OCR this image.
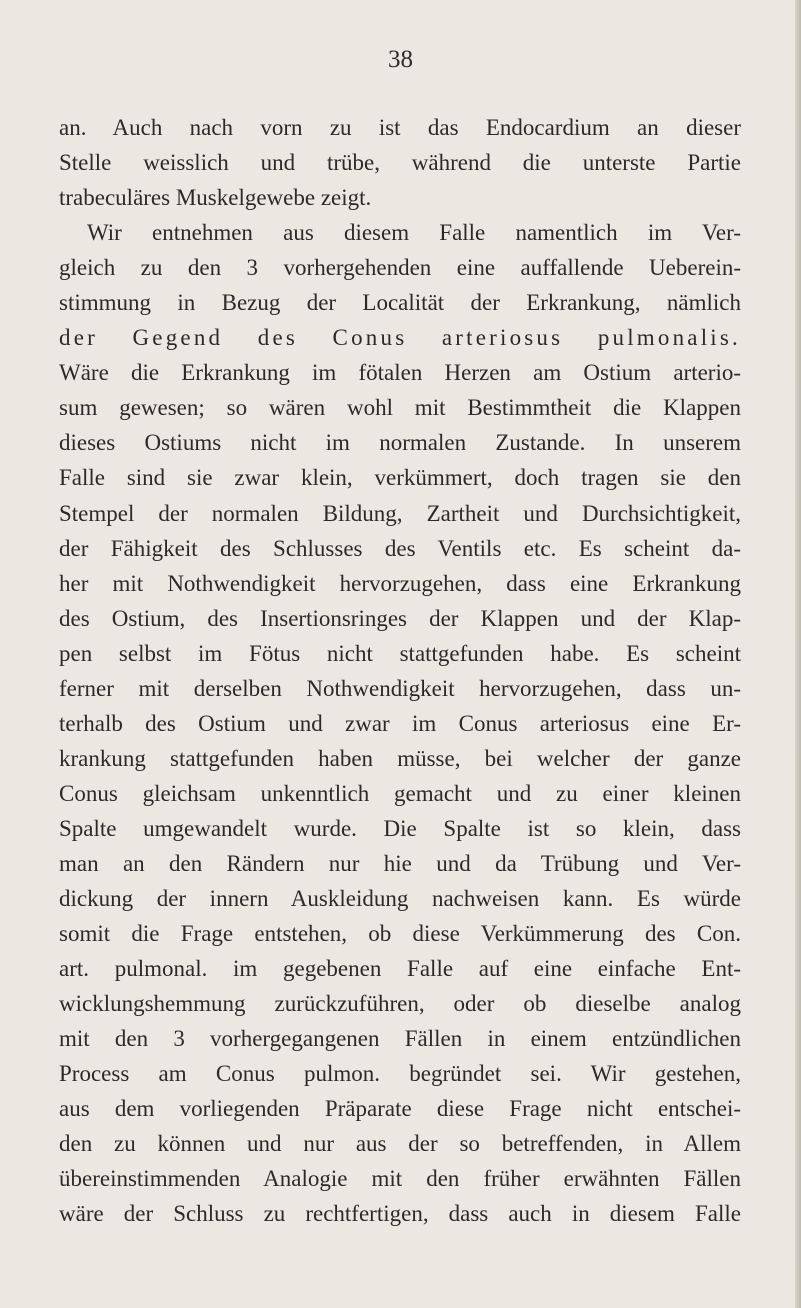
38
an. Auch nach vorn zu ist das Endocardium an dieser
Stelle weisslich und trübe, während die unterste Partie
trabeculäres Muskelgewebe zeigt.
Wir entnehmen aus diesem Falle namentlich im Ver-
gleich zu den 3 vorhergehenden eine auffallende Ueberein-
stimmung in Bezug der Localität der Erkrankung, nämlich
der Gegend des Conus arteriosus pulmonalis.
Wäre die Erkrankung im fötalen Herzen am Ostium arterio-
sum gewesen; so wären wohl mit Bestimmtheit die Klappen
dieses Ostiums nicht im normalen Zustande. In unserem
Falle sind sie zwar klein, verkümmert, doch tragen sie den
Stempel der normalen Bildung, Zartheit und Durchsichtigkeit,
der Fähigkeit des Schlusses des Ventils etc. Es scheint da-
her mit Nothwendigkeit hervorzugehen, dass eine Erkrankung
des Ostium, des Insertionsringes der Klappen und der Klap-
pen selbst im Fötus nicht stattgefunden habe. Es scheint
ferner mit derselben Nothwendigkeit hervorzugehen, dass un-
terhalb des Ostium und zwar im Conus arteriosus eine Er-
krankung stattgefunden haben müsse, bei welcher der ganze
Conus gleichsam unkenntlich gemacht und zu einer kleinen
Spalte umgewandelt wurde. Die Spalte ist so klein, dass
man an den Rändern nur hie und da Trübung und Ver-
dickung der innern Auskleidung nachweisen kann. Es würde
somit die Frage entstehen, ob diese Verkümmerung des Con.
art. pulmonal. im gegebenen Falle auf eine einfache Ent-
wicklungshemmung zurückzuführen, oder ob dieselbe analog
mit den 3 vorhergegangenen Fällen in einem entzündlichen
Process am Conus pulmon. begründet sei. Wir gestehen,
aus dem vorliegenden Präparate diese Frage nicht entschei-
den zu können und nur aus der so betreffenden, in Allem
übereinstimmenden Analogie mit den früher erwähnten Fällen
wäre der Schluss zu rechtfertigen, dass auch in diesem Falle
